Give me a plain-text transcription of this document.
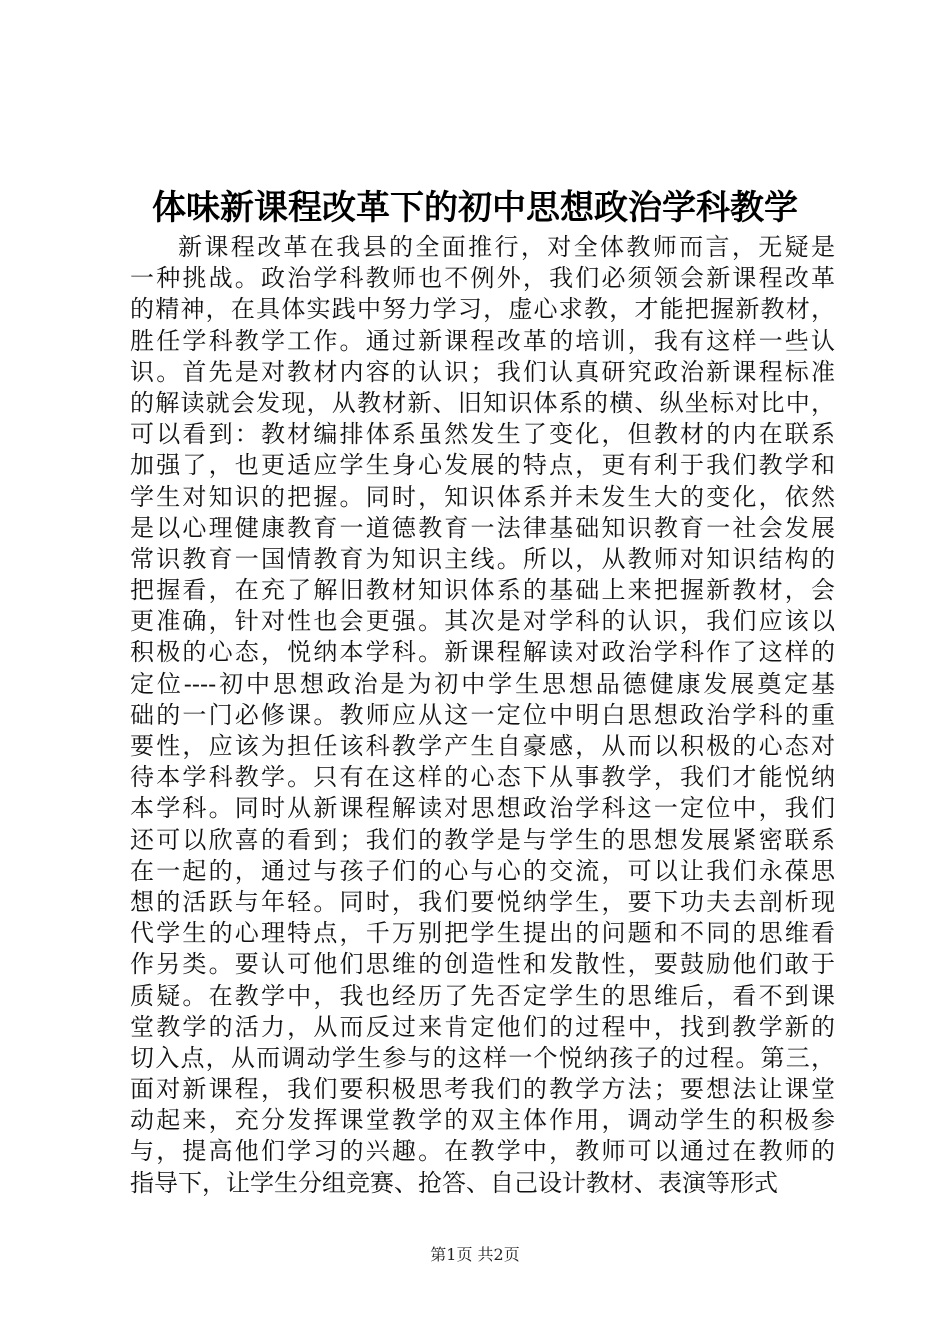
体味新课程改革下的初中思想政治学科教学
新课程改革在我县的全面推行，对全体教师而言，无疑是
一种挑战。政治学科教师也不例外，我们必须领会新课程改革
的精神，在具体实践中努力学习，虚心求教，才能把握新教材，
胜任学科教学工作。通过新课程改革的培训，我有这样一些认
识。首先是对教材内容的认识；我们认真研究政治新课程标准
的解读就会发现，从教材新、旧知识体系的横、纵坐标对比中，
可以看到：教材编排体系虽然发生了变化，但教材的内在联系
加强了，也更适应学生身心发展的特点，更有利于我们教学和
学生对知识的把握。同时，知识体系并未发生大的变化，依然
是以心理健康教育一道德教育一法律基础知识教育一社会发展
常识教育一国情教育为知识主线。所以，从教师对知识结构的
把握看，在充了解旧教材知识体系的基础上来把握新教材，会
更准确，针对性也会更强。其次是对学科的认识，我们应该以
积极的心态，悦纳本学科。新课程解读对政治学科作了这样的
定位----初中思想政治是为初中学生思想品德健康发展奠定基
础的一门必修课。教师应从这一定位中明白思想政治学科的重
要性，应该为担任该科教学产生自豪感，从而以积极的心态对
待本学科教学。只有在这样的心态下从事教学，我们才能悦纳
本学科。同时从新课程解读对思想政治学科这一定位中，我们
还可以欣喜的看到；我们的教学是与学生的思想发展紧密联系
在一起的，通过与孩子们的心与心的交流，可以让我们永葆思
想的活跃与年轻。同时，我们要悦纳学生，要下功夫去剖析现
代学生的心理特点，千万别把学生提出的问题和不同的思维看
作另类。要认可他们思维的创造性和发散性，要鼓励他们敢于
质疑。在教学中，我也经历了先否定学生的思维后，看不到课
堂教学的活力，从而反过来肯定他们的过程中，找到教学新的
切入点，从而调动学生参与的这样一个悦纳孩子的过程。第三，
面对新课程，我们要积极思考我们的教学方法；要想法让课堂
动起来，充分发挥课堂教学的双主体作用，调动学生的积极参
与，提高他们学习的兴趣。在教学中，教师可以通过在教师的
指导下，让学生分组竞赛、抢答、自己设计教材、表演等形式
第1页 共2页
